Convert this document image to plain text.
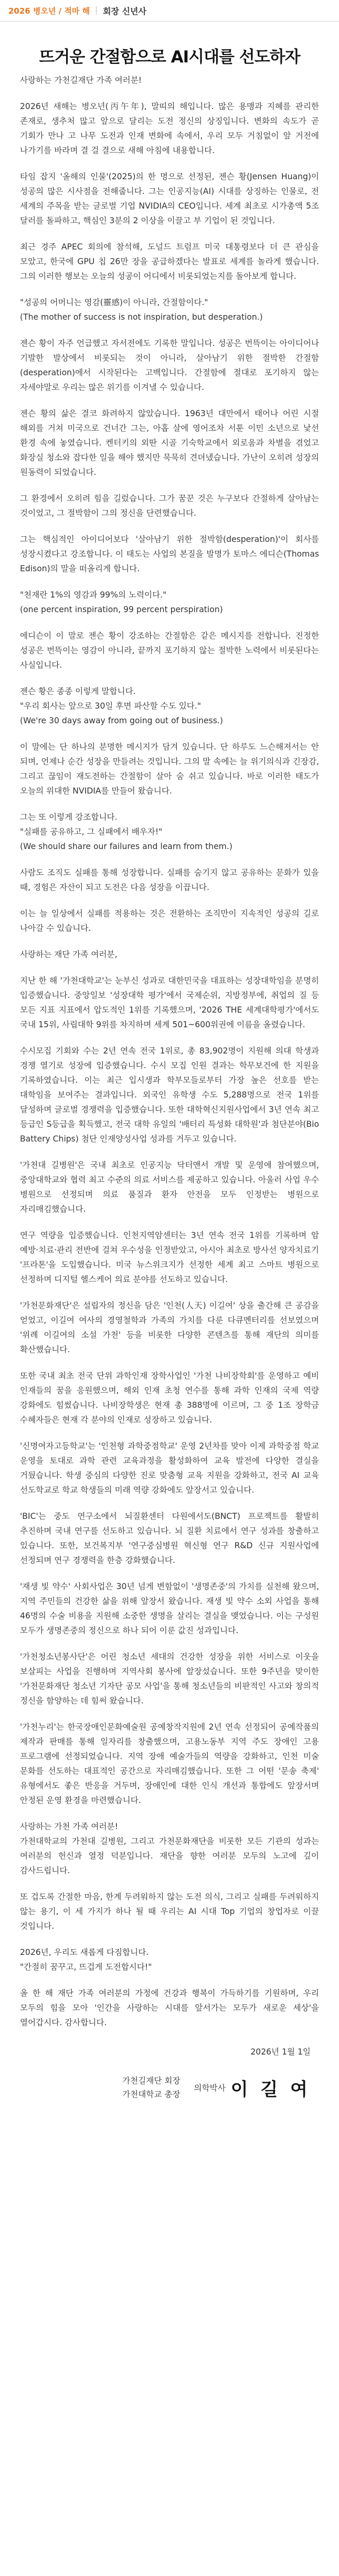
2026 병오년 / 적마 해 회장 신년사
뜨거운 간절함으로 AI시대를 선도하자

사랑하는 가천길재단 가족 여러분!

2026년 새해는 병오년(丙午年), 말띠의 해입니다. 많은 용맹과 지혜를 관리한 존재로, 생추처 많고 앞으로 달리는 도전 정신의 상징입니다. 변화의 속도가 곧 기회가 만나 고 나무 도전과 인재 변화에 속에서, 우리 모두 거침없이 앞 거전에 나가기를 바라며 결 걸 결으로 새해 아침에 내용합니다.

타임 잡지 '올해의 인물'(2025)의 한 명으로 선정된, 젠슨 황(Jensen Huang)이 성공의 많은 시사점을 전해줍니다. 그는 인공지능(AI) 시대를 상징하는 인물로, 전 세계의 주목을 받는 글로벌 기업 NVIDIA의 CEO입니다. 세계 최초로 시가총액 5조 달러를 돌파하고, 핵심인 3분의 2 이상을 이끌고 부 기업이 된 것입니다.

최근 경주 APEC 회의에 참석해, 도널드 트럼프 미국 대통령보다 더 큰 관심을 모았고, 한국에 GPU 칩 26만 장을 공급하겠다는 발표로 세계를 놀라게 했습니다. 그의 이러한 행보는 오늘의 성공이 어디에서 비롯되었는지를 돌아보게 합니다.

"성공의 어머니는 영감(靈感)이 아니라, 간절함이다."
(The mother of success is not inspiration, but desperation.)

젠슨 황이 자주 언급했고 자서전에도 기록한 말입니다. 성공은 번뜩이는 아이디어나 기발한 발상에서 비롯되는 것이 아니라, 살아남기 위한 절박한 간절함(desperation)에서 시작된다는 고백입니다. 간절함에 절대로 포기하지 않는 자세야말로 우리는 많은 위기를 이겨낼 수 있습니다.

젠슨 황의 삶은 결코 화려하지 않았습니다. 1963년 대만에서 태어나 어린 시절 해외를 거쳐 미국으로 건너간 그는, 아홉 살에 영어조차 서툰 이민 소년으로 낯선 환경 속에 놓였습니다. 켄터키의 외딴 시골 기숙학교에서 외로움과 차별을 겪었고 화장실 청소와 잡다한 일을 해야 했지만 묵묵히 견뎌냈습니다. 가난이 오히려 성장의 원동력이 되었습니다.

그 환경에서 오히려 힘을 길렀습니다. 그가 꿈꾼 것은 누구보다 간절하게 살아남는 것이었고, 그 절박함이 그의 정신을 단련했습니다.

그는 핵심적인 아이디어보다 '살아남기 위한 절박함(desperation)'이 회사를 성장시켰다고 강조합니다. 이 태도는 사업의 본질을 발명가 토마스 에디슨(Thomas Edison)의 말을 떠올리게 합니다.

"천재란 1%의 영감과 99%의 노력이다."
(one percent inspiration, 99 percent perspiration)

에디슨이 이 말로 젠슨 황이 강조하는 간절함은 같은 메시지를 전합니다. 진정한 성공은 번뜩이는 영감이 아니라, 끝까지 포기하지 않는 절박한 노력에서 비롯된다는 사실입니다.

젠슨 황은 종종 이렇게 말합니다.
"우리 회사는 앞으로 30일 후면 파산할 수도 있다."
(We're 30 days away from going out of business.)

이 말에는 단 하나의 분명한 메시지가 담겨 있습니다. 단 하루도 느슨해져서는 안 되며, 언제나 순간 성장을 만들려는 것입니다. 그의 말 속에는 늘 위기의식과 긴장감, 그리고 끊임이 재도전하는 간절함이 살아 숨 쉬고 있습니다. 바로 이러한 태도가 오늘의 위대한 NVIDIA를 만들어 왔습니다.

그는 또 이렇게 강조합니다.
"실패를 공유하고, 그 실패에서 배우자!"
(We should share our failures and learn from them.)

사람도 조직도 실패를 통해 성장합니다. 실패를 숨기지 않고 공유하는 문화가 있을 때, 경험은 자산이 되고 도전은 다음 성장을 이끕니다.

이는 늘 일상에서 실패를 적용하는 것은 전환하는 조직만이 지속적인 성공의 길로 나아갈 수 있습니다.

사랑하는 재단 가족 여러분,

지난 한 해 '가천대학교'는 눈부신 성과로 대한민국을 대표하는 성장대학임을 분명히 입증했습니다. 중앙일보 '성장대학 평가'에서 국제순위, 지방정부에, 취업의 질 등 모든 지표 지표에서 압도적인 1위를 기록했으며, '2026 THE 세계대학평가'에서도 국내 15위, 사립대학 9위를 차지하며 세계 501~600위권에 이름을 올렸습니다.

수시모집 기회와 수는 2년 연속 전국 1위로, 총 83,902명이 지원해 의대 학생과 경쟁 열기로 성장에 입증했습니다. 수시 모집 인원 결과는 학무보건에 한 지원을 기록하였습니다. 이는 최근 입시생과 학부모들로부터 가장 높은 선호를 받는 대학임을 보여주는 결과입니다. 외국인 유학생 수도 5,288명으로 전국 1위를 달성하며 글로벌 경쟁력을 입증했습니다. 또한 대학혁신지원사업에서 3년 연속 최고 등급인 S등급을 획득했고, 전국 대학 유일의 '배터리 특성화 대학원'과 첨단분야(Bio Battery Chips) 첨단 인재양성사업 성과를 거두고 있습니다.

'가천대 길병원'은 국내 최초로 인공지능 닥터앤서 개발 및 운영에 참여했으며, 중앙대학교와 협력 최고 수준의 의료 서비스를 제공하고 있습니다. 아울러 사업 우수 병원으로 선정되며 의료 품질과 환자 안전을 모두 인정받는 병원으로 자리매김했습니다.

연구 역량을 입증했습니다. 인천지역암센터는 3년 연속 전국 1위를 기록하며 암 예방·치료·관리 전반에 걸쳐 우수성을 인정받았고, 아시아 최초로 방사선 양자치료기 '프라톤'을 도입했습니다. 미국 뉴스위크지가 선정한 세계 최고 스마트 병원으로 선정하며 디지털 헬스케어 의료 분야를 선도하고 있습니다.

'가천문화재단'은 설립자의 정신을 담은 '인천(人天) 이길여' 상을 출간해 큰 공감을 얻었고, 이길여 여사의 경영철학과 가족의 가치를 다룬 다큐멘터리를 선보였으며 '위례 이길여의 소설 가천' 등을 비롯한 다양한 콘텐츠를 통해 재단의 의미를 확산했습니다.

또한 국내 최초 전국 단위 과학인재 장학사업인 '가천 나비장학회'를 운영하고 예비 인재들의 꿈을 응원했으며, 해외 인재 초청 연수를 통해 과학 인재의 국제 역량 강화에도 힘썼습니다. 나비장학생은 현재 총 388명에 이르며, 그 중 1조 장학금 수혜자들은 현재 각 분야의 인재로 성장하고 있습니다.

'신명여자고등학교'는 '인천형 과학중점학교' 운영 2년차를 맞아 이제 과학중점 학교 운영을 토대로 과학 관련 교육과정을 활성화하여 교육 발전에 다양한 결실을 거뒀습니다. 학생 중심의 다양한 진로 맞춤형 교육 지원을 강화하고, 전국 AI 교육 선도학교로 학교 학생들의 미래 역량 강화에도 앞장서고 있습니다.

'BIC'는 중도 연구소에서 뇌질환센터 다원에서도(BNCT) 프로젝트를 활발히 추진하며 국내 연구를 선도하고 있습니다. 뇌 질환 치료에서 연구 성과를 창출하고 있습니다. 또한, 보건복지부 '연구중심병원 혁신형 연구 R&D 신규 지원사업에 선정되며 연구 경쟁력을 한층 강화했습니다.

'재생 빛 약수' 사회사업은 30년 넘게 변함없이 '생명존중'의 가치를 실천해 왔으며, 지역 주민들의 건강한 삶을 위해 앞장서 왔습니다. 재생 빛 약수 소외 사업을 통해 46명의 수술 비용을 지원해 소중한 생명을 살리는 결실을 맺었습니다. 이는 구성원 모두가 생명존중의 정신으로 하나 되어 이룬 값진 성과입니다.

'가천청소년봉사단'은 어린 청소년 세대의 건강한 성장을 위한 서비스로 이웃을 보살피는 사업을 진행하며 지역사회 봉사에 앞장섰습니다. 또한 9주년을 맞이한 '가천문화재단 청소년 기자단 공모 사업'을 통해 청소년들의 비판적인 사고와 창의적 정신을 함양하는 데 힘써 왔습니다.

'가천누리'는 한국장애인문화예술원 공예창작지원에 2년 연속 선정되어 공예작품의 제작과 판매를 통해 일자리를 창출했으며, 고용노동부 지역 주도 장애인 고용 프로그램에 선정되었습니다. 지역 장애 예술가들의 역량을 강화하고, 인천 미술 문화를 선도하는 대표적인 공간으로 자리매김했습니다. 또한 그 어떤 '문송 축제' 유형에서도 좋은 반응을 거두며, 장애인에 대한 인식 개선과 통합에도 앞장서며 안정된 운영 환경을 마련했습니다.

사랑하는 가천 가족 여러분!
가천대학교의 가천대 길병원, 그리고 가천문화재단을 비롯한 모든 기관의 성과는 여러분의 헌신과 열정 덕분입니다. 재단을 향한 여러분 모두의 노고에 깊이 감사드립니다.

또 겁도록 간절한 마음, 한계 두려워하지 않는 도전 의식, 그리고 실패를 두려워하지 않는 용기, 이 세 가지가 하나 될 때 우리는 AI 시대 Top 기업의 창업자로 이끌 것입니다.

2026년, 우리도 새롭게 다짐합니다.
"간절히 꿈꾸고, 뜨겁게 도전합시다!"

올 한 해 재단 가족 여러분의 가정에 건강과 행복이 가득하기를 기원하며, 우리 모두의 힘을 모아 '인간을 사랑하는 시대를 앞서가는 모두가 새로운 세상'을 열어갑시다. 감사합니다.

2026년 1월 1일
가천길재단 회장
가천대학교 총장
의학박사 이 길 여
